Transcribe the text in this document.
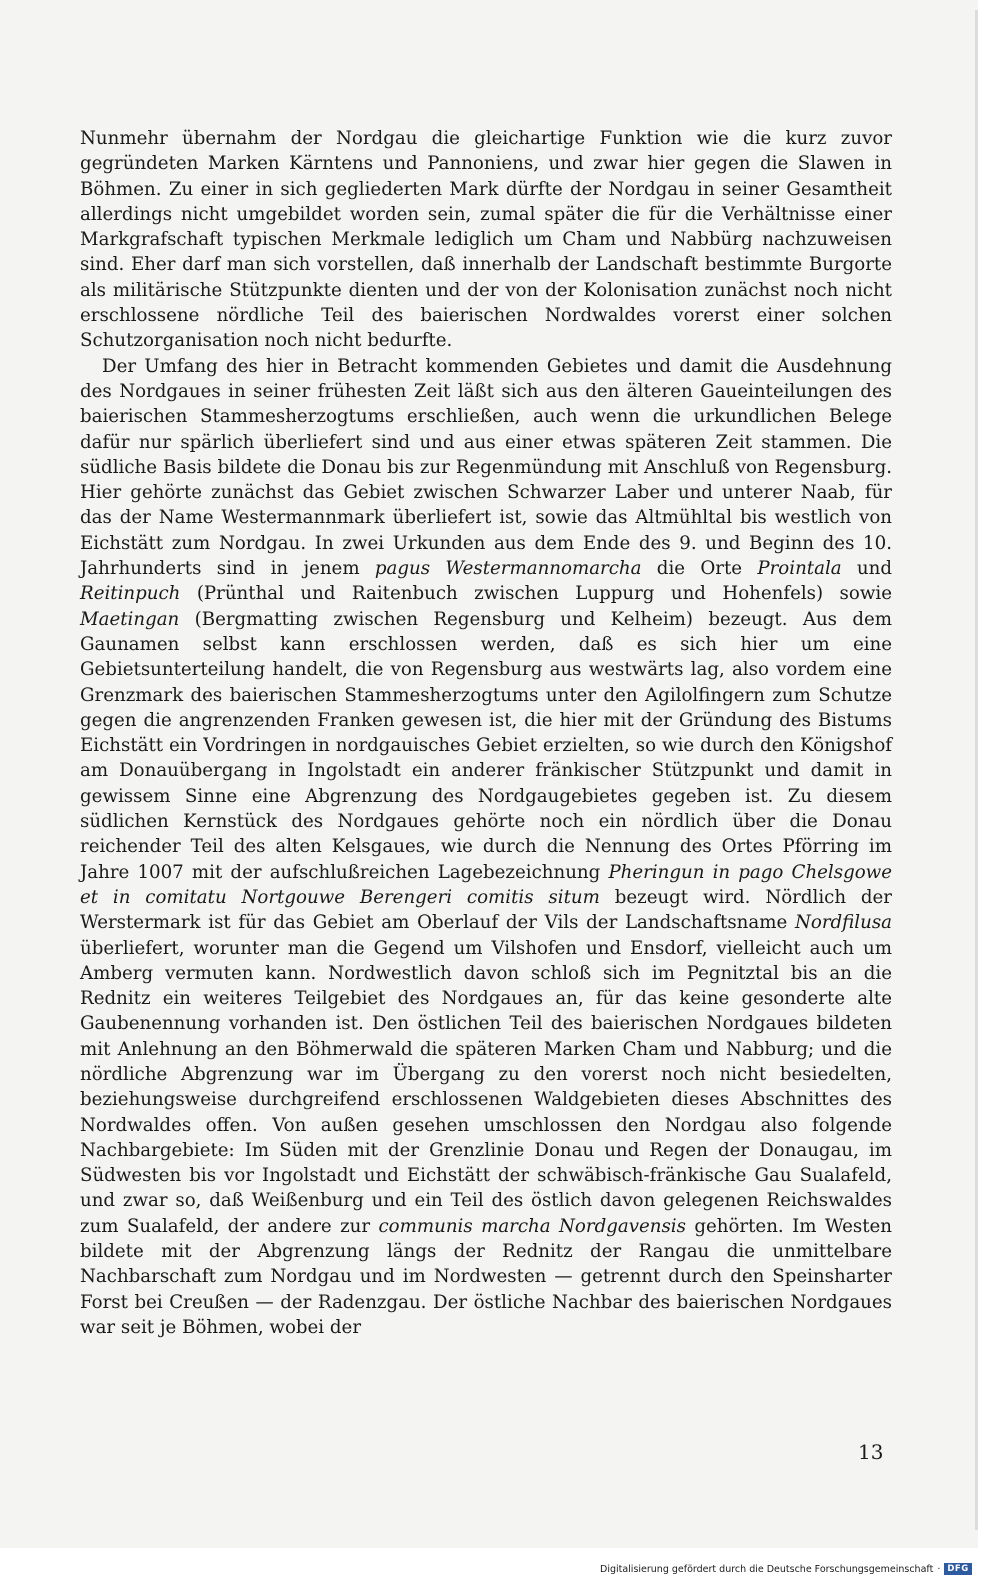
Nunmehr übernahm der Nordgau die gleichartige Funktion wie die kurz zuvor gegründeten Marken Kärntens und Pannoniens, und zwar hier gegen die Slawen in Böhmen. Zu einer in sich gegliederten Mark dürfte der Nordgau in seiner Gesamtheit allerdings nicht umgebildet worden sein, zumal später die für die Verhältnisse einer Markgrafschaft typischen Merkmale lediglich um Cham und Nabbürg nachzuweisen sind. Eher darf man sich vorstellen, daß innerhalb der Landschaft bestimmte Burgorte als militärische Stützpunkte dienten und der von der Kolonisation zunächst noch nicht erschlossene nördliche Teil des baierischen Nordwaldes vorerst einer solchen Schutzorganisation noch nicht bedurfte.

Der Umfang des hier in Betracht kommenden Gebietes und damit die Ausdehnung des Nordgaues in seiner frühesten Zeit läßt sich aus den älteren Gaueinteilungen des baierischen Stammesherzogtums erschließen, auch wenn die urkundlichen Belege dafür nur spärlich überliefert sind und aus einer etwas späteren Zeit stammen. Die südliche Basis bildete die Donau bis zur Regenmündung mit Anschluß von Regensburg. Hier gehörte zunächst das Gebiet zwischen Schwarzer Laber und unterer Naab, für das der Name Westermannmark überliefert ist, sowie das Altmühltal bis westlich von Eichstätt zum Nordgau. In zwei Urkunden aus dem Ende des 9. und Beginn des 10. Jahrhunderts sind in jenem pagus Westermannomarcha die Orte Prointala und Reitinpuch (Prünthal und Raitenbuch zwischen Luppurg und Hohenfels) sowie Maetingan (Bergmatting zwischen Regensburg und Kelheim) bezeugt. Aus dem Gaunamen selbst kann erschlossen werden, daß es sich hier um eine Gebietsunterteilung handelt, die von Regensburg aus westwärts lag, also vordem eine Grenzmark des baierischen Stammesherzogtums unter den Agilolfingern zum Schutze gegen die angrenzenden Franken gewesen ist, die hier mit der Gründung des Bistums Eichstätt ein Vordringen in nordgauisches Gebiet erzielten, so wie durch den Königshof am Donauübergang in Ingolstadt ein anderer fränkischer Stützpunkt und damit in gewissem Sinne eine Abgrenzung des Nordgaugebietes gegeben ist. Zu diesem südlichen Kernstück des Nordgaues gehörte noch ein nördlich über die Donau reichender Teil des alten Kelsgaues, wie durch die Nennung des Ortes Pförring im Jahre 1007 mit der aufschlußreichen Lagebezeichnung Pheringun in pago Chelsgowe et in comitatu Nortgouwe Berengeri comitis situm bezeugt wird. Nördlich der Werstermark ist für das Gebiet am Oberlauf der Vils der Landschaftsname Nordfilusa überliefert, worunter man die Gegend um Vilshofen und Ensdorf, vielleicht auch um Amberg vermuten kann. Nordwestlich davon schloß sich im Pegnitztal bis an die Rednitz ein weiteres Teilgebiet des Nordgaues an, für das keine gesonderte alte Gaubenennung vorhanden ist. Den östlichen Teil des baierischen Nordgaues bildeten mit Anlehnung an den Böhmerwald die späteren Marken Cham und Nabburg; und die nördliche Abgrenzung war im Übergang zu den vorerst noch nicht besiedelten, beziehungsweise durchgreifend erschlossenen Waldgebieten dieses Abschnittes des Nordwaldes offen. Von außen gesehen umschlossen den Nordgau also folgende Nachbargebiete: Im Süden mit der Grenzlinie Donau und Regen der Donaugau, im Südwesten bis vor Ingolstadt und Eichstätt der schwäbisch-fränkische Gau Sualafeld, und zwar so, daß Weißenburg und ein Teil des östlich davon gelegenen Reichswaldes zum Sualafeld, der andere zur communis marcha Nordgavensis gehörten. Im Westen bildete mit der Abgrenzung längs der Rednitz der Rangau die unmittelbare Nachbarschaft zum Nordgau und im Nordwesten — getrennt durch den Speinsharter Forst bei Creußen — der Radenzgau. Der östliche Nachbar des baierischen Nordgaues war seit je Böhmen, wobei der

13
Digitalisierung gefördert durch die Deutsche Forschungsgemeinschaft · DFG
